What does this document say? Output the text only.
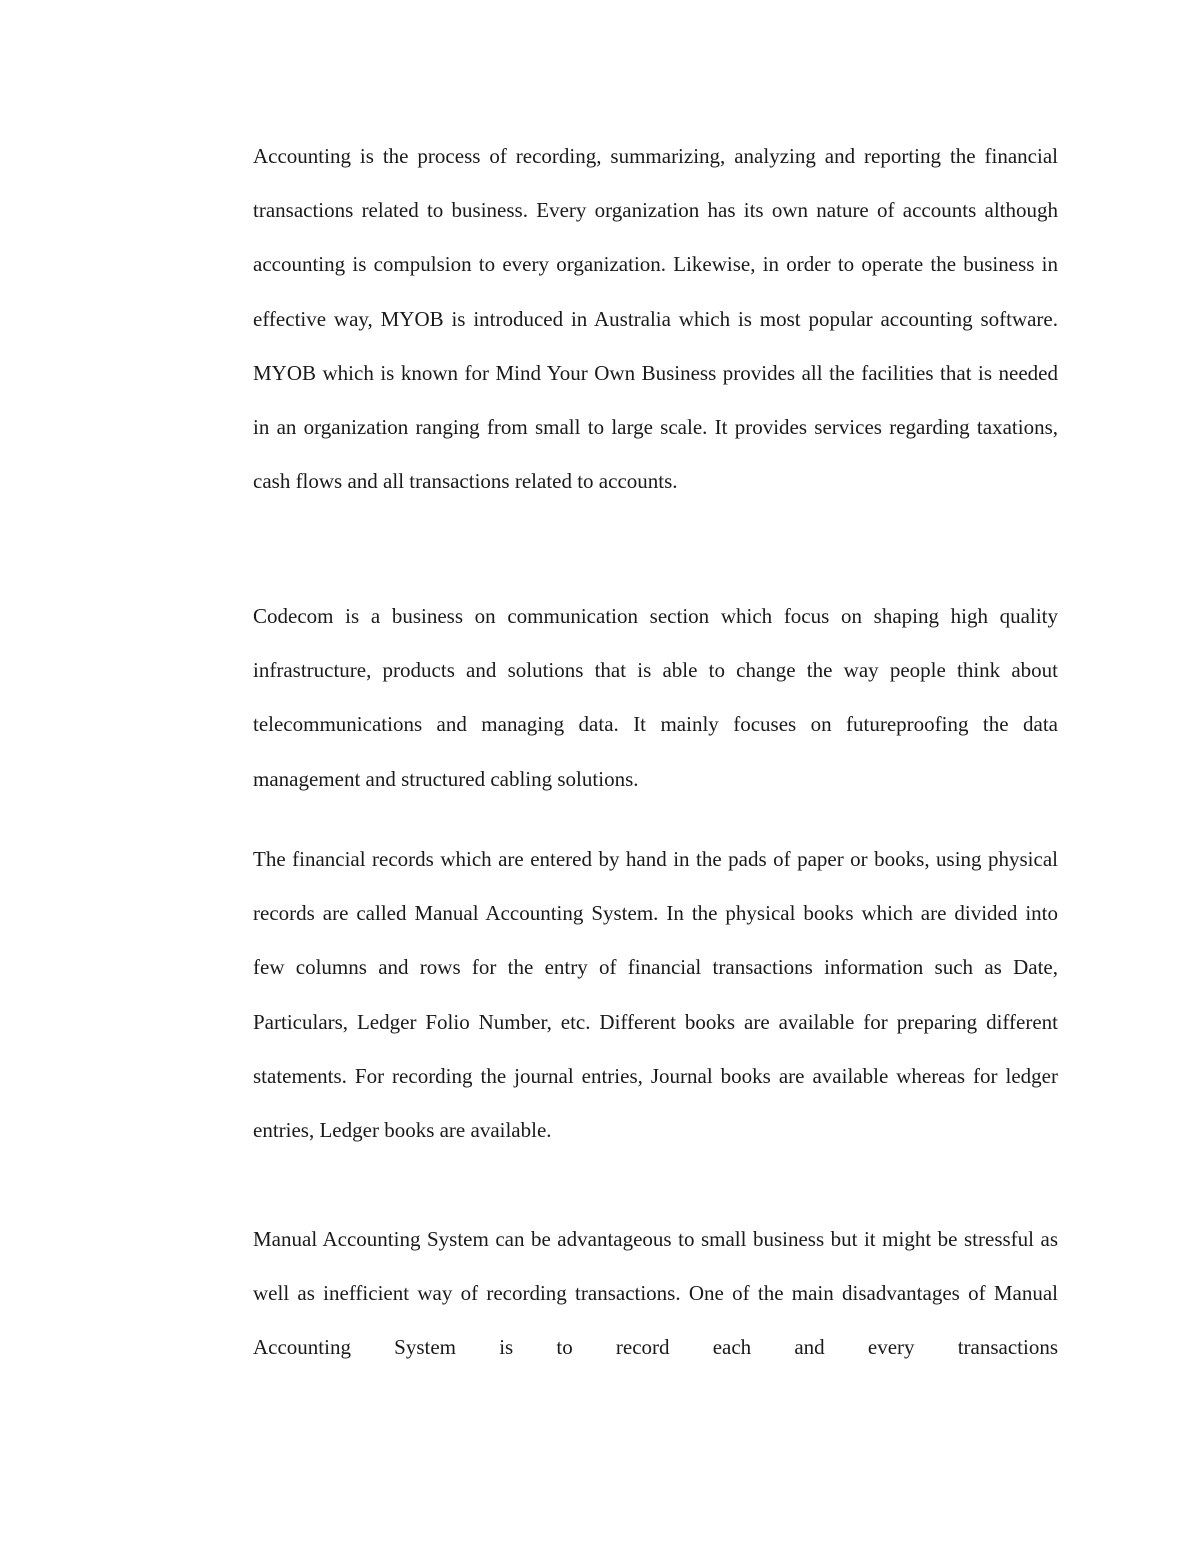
Accounting is the process of recording, summarizing, analyzing and reporting the financial transactions related to business. Every organization has its own nature of accounts although accounting is compulsion to every organization. Likewise, in order to operate the business in effective way, MYOB is introduced in Australia which is most popular accounting software. MYOB which is known for Mind Your Own Business provides all the facilities that is needed in an organization ranging from small to large scale. It provides services regarding taxations, cash flows and all transactions related to accounts.

Codecom is a business on communication section which focus on shaping high quality infrastructure, products and solutions that is able to change the way people think about telecommunications and managing data. It mainly focuses on futureproofing the data management and structured cabling solutions.

The financial records which are entered by hand in the pads of paper or books, using physical records are called Manual Accounting System. In the physical books which are divided into few columns and rows for the entry of financial transactions information such as Date, Particulars, Ledger Folio Number, etc. Different books are available for preparing different statements. For recording the journal entries, Journal books are available whereas for ledger entries, Ledger books are available.

Manual Accounting System can be advantageous to small business but it might be stressful as well as inefficient way of recording transactions. One of the main disadvantages of Manual Accounting System is to record each and every transactions
